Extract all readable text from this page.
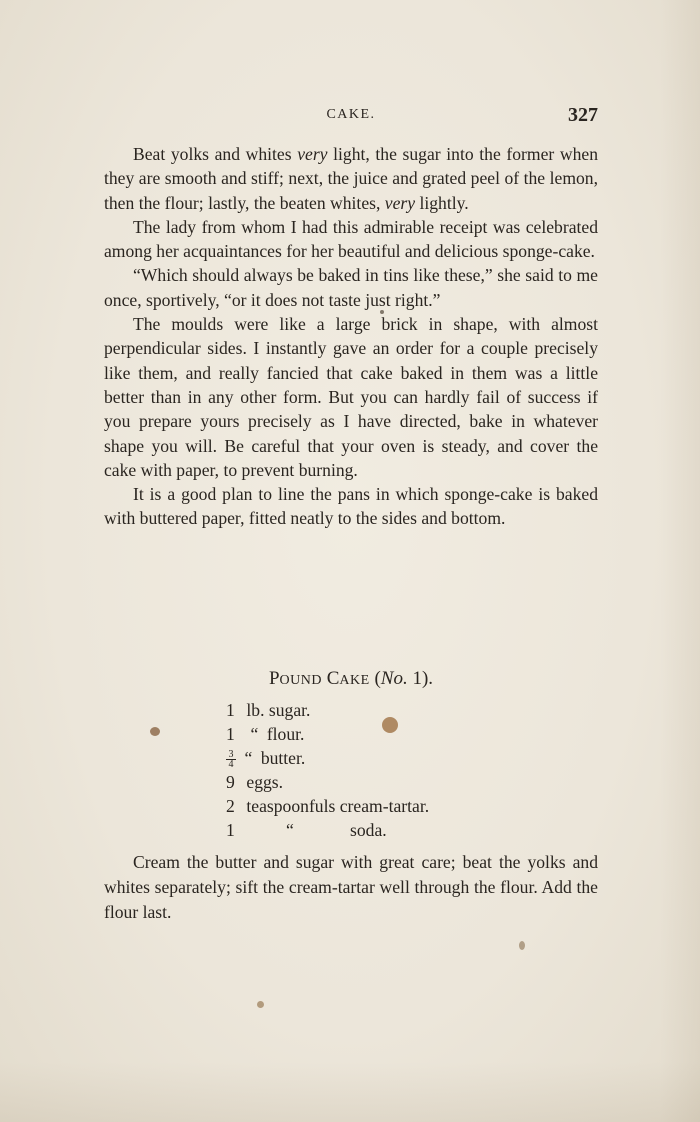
CAKE.	327

Beat yolks and whites very light, the sugar into the former when they are smooth and stiff; next, the juice and grated peel of the lemon, then the flour; lastly, the beaten whites, very lightly.

The lady from whom I had this admirable receipt was celebrated among her acquaintances for her beautiful and delicious sponge-cake.

“Which should always be baked in tins like these,” she said to me once, sportively, “or it does not taste just right.”

The moulds were like a large brick in shape, with almost perpendicular sides. I instantly gave an order for a couple precisely like them, and really fancied that cake baked in them was a little better than in any other form. But you can hardly fail of success if you prepare yours precisely as I have directed, bake in whatever shape you will. Be careful that your oven is steady, and cover the cake with paper, to prevent burning.

It is a good plan to line the pans in which sponge-cake is baked with buttered paper, fitted neatly to the sides and bottom.

POUND CAKE (No. 1).
1 lb. sugar.
1 “ flour.
$\frac{3}{4}$ “ butter.
9 eggs.
2 teaspoonfuls cream-tartar.
1	“	soda.

Cream the butter and sugar with great care; beat the yolks and whites separately; sift the cream-tartar well through the flour. Add the flour last.
